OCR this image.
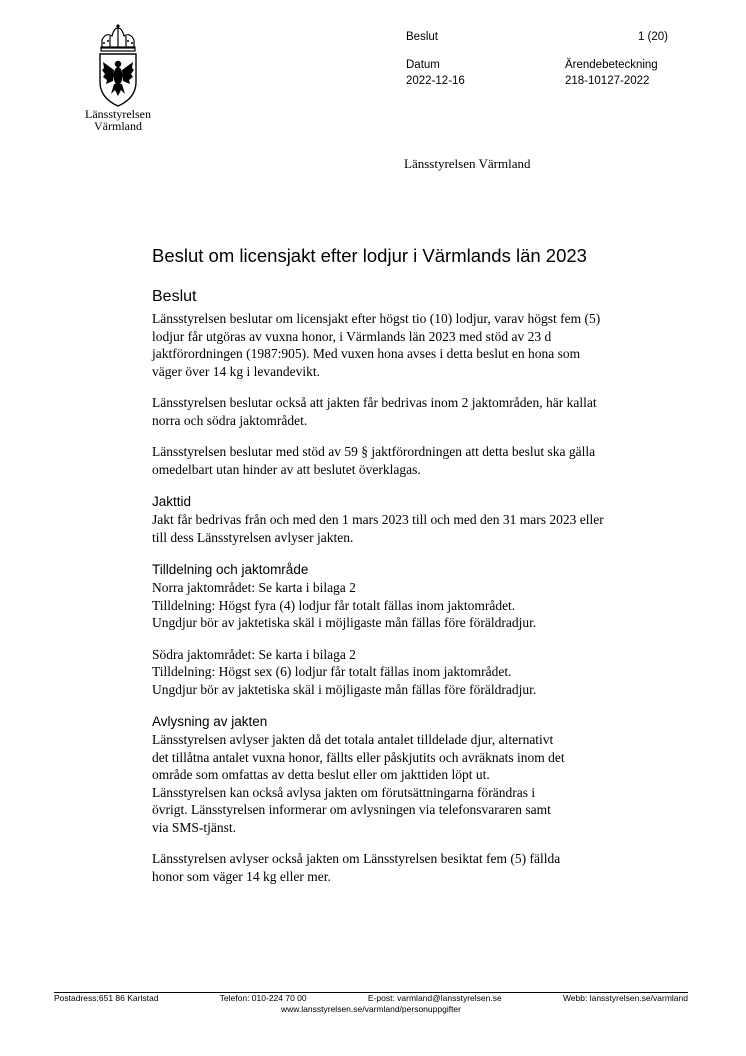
Länsstyrelsen
Värmland
Beslut	1 (20)
Datum
2022-12-16
Ärendebeteckning
218-10127-2022
Länsstyrelsen Värmland
Beslut om licensjakt efter lodjur i Värmlands län 2023
Beslut

Länsstyrelsen beslutar om licensjakt efter högst tio (10) lodjur, varav högst fem (5) lodjur får utgöras av vuxna honor, i Värmlands län 2023 med stöd av 23 d jaktförordningen (1987:905). Med vuxen hona avses i detta beslut en hona som väger över 14 kg i levandevikt.

Länsstyrelsen beslutar också att jakten får bedrivas inom 2 jaktområden, här kallat norra och södra jaktområdet.

Länsstyrelsen beslutar med stöd av 59 § jaktförordningen att detta beslut ska gälla omedelbart utan hinder av att beslutet överklagas.

Jakttid

Jakt får bedrivas från och med den 1 mars 2023 till och med den 31 mars 2023 eller till dess Länsstyrelsen avlyser jakten.

Tilldelning och jaktområde

Norra jaktområdet: Se karta i bilaga 2
Tilldelning: Högst fyra (4) lodjur får totalt fällas inom jaktområdet.
Ungdjur bör av jaktetiska skäl i möjligaste mån fällas före föräldradjur.

Södra jaktområdet: Se karta i bilaga 2
Tilldelning: Högst sex (6) lodjur får totalt fällas inom jaktområdet.
Ungdjur bör av jaktetiska skäl i möjligaste mån fällas före föräldradjur.

Avlysning av jakten

Länsstyrelsen avlyser jakten då det totala antalet tilldelade djur, alternativt det tillåtna antalet vuxna honor, fällts eller påskjutits och avräknats inom det område som omfattas av detta beslut eller om jakttiden löpt ut. Länsstyrelsen kan också avlysa jakten om förutsättningarna förändras i övrigt. Länsstyrelsen informerar om avlysningen via telefonsvararen samt via SMS-tjänst.

Länsstyrelsen avlyser också jakten om Länsstyrelsen besiktat fem (5) fällda honor som väger 14 kg eller mer.

Postadress:651 86 Karlstad	Telefon: 010-224 70 00	E-post: varmland@lansstyrelsen.se	Webb: lansstyrelsen.se/varmland
www.lansstyrelsen.se/varmland/personuppgifter
